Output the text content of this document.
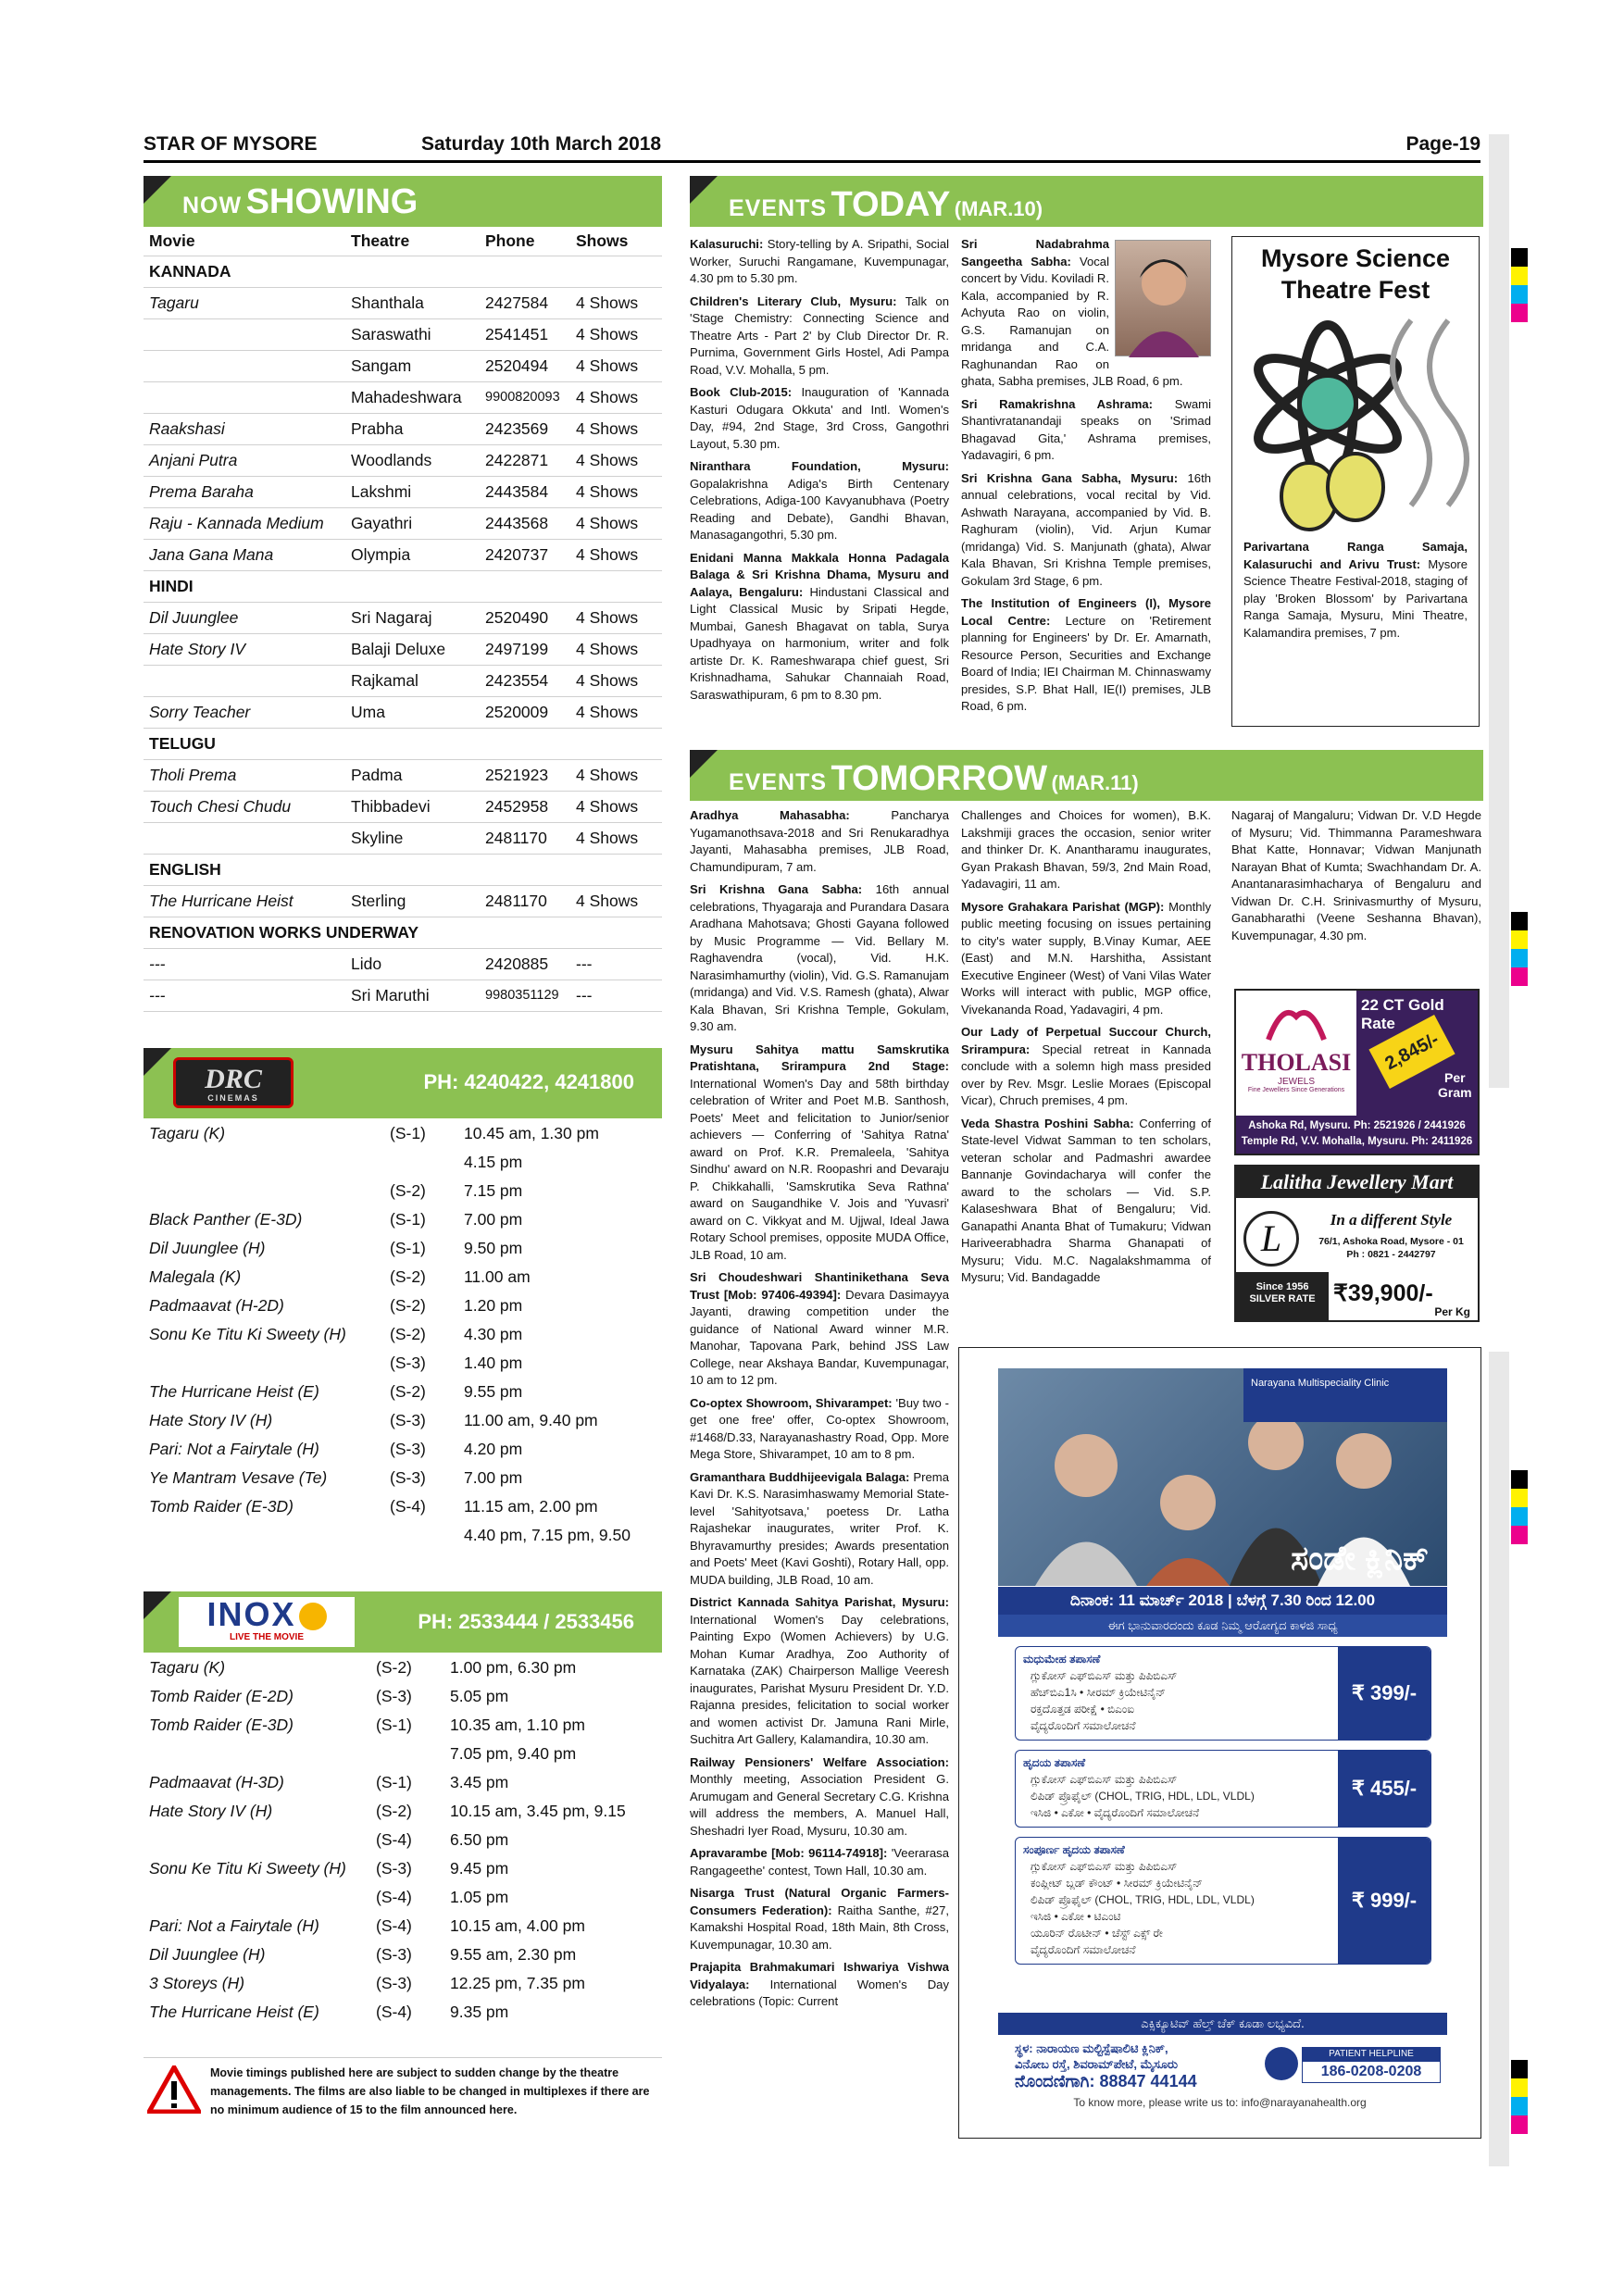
STAR OF MYSORE	Saturday 10th March 2018	Page-19
NOW SHOWING
Movie	Theatre	Phone	Shows
KANNADA			
Tagaru	Shanthala	2427584	4 Shows
	Saraswathi	2541451	4 Shows
	Sangam	2520494	4 Shows
	Mahadeshwara	9900820093	4 Shows
Raakshasi	Prabha	2423569	4 Shows
Anjani Putra	Woodlands	2422871	4 Shows
Prema Baraha	Lakshmi	2443584	4 Shows
Raju - Kannada Medium	Gayathri	2443568	4 Shows
Jana Gana Mana	Olympia	2420737	4 Shows
HINDI			
Dil Juunglee	Sri Nagaraj	2520490	4 Shows
Hate Story IV	Balaji Deluxe	2497199	4 Shows
	Rajkamal	2423554	4 Shows
Sorry Teacher	Uma	2520009	4 Shows
TELUGU			
Tholi Prema	Padma	2521923	4 Shows
Touch Chesi Chudu	Thibbadevi	2452958	4 Shows
	Skyline	2481170	4 Shows
ENGLISH			
The Hurricane Heist	Sterling	2481170	4 Shows
RENOVATION WORKS UNDERWAY			
---	Lido	2420885	---
---	Sri Maruthi	9980351129	---
DRC
CINEMAS
PH: 4240422, 4241800
Tagaru (K)	(S-1)	10.45 am, 1.30 pm
		4.15 pm
	(S-2)	7.15 pm
Black Panther (E-3D)	(S-1)	7.00 pm
Dil Juunglee (H)	(S-1)	9.50 pm
Malegala (K)	(S-2)	11.00 am
Padmaavat (H-2D)	(S-2)	1.20 pm
Sonu Ke Titu Ki Sweety (H)	(S-2)	4.30 pm
	(S-3)	1.40 pm
The Hurricane Heist (E)	(S-2)	9.55 pm
Hate Story IV (H)	(S-3)	11.00 am, 9.40 pm
Pari: Not a Fairytale (H)	(S-3)	4.20 pm
Ye Mantram Vesave (Te)	(S-3)	7.00 pm
Tomb Raider (E-3D)	(S-4)	11.15 am, 2.00 pm
		4.40 pm, 7.15 pm, 9.50
INOX
LIVE THE MOVIE
PH: 2533444 / 2533456
Tagaru (K)	(S-2)	1.00 pm, 6.30 pm
Tomb Raider (E-2D)	(S-3)	5.05 pm
Tomb Raider (E-3D)	(S-1)	10.35 am, 1.10 pm
		7.05 pm, 9.40 pm
Padmaavat (H-3D)	(S-1)	3.45 pm
Hate Story IV (H)	(S-2)	10.15 am, 3.45 pm, 9.15
	(S-4)	6.50 pm
Sonu Ke Titu Ki Sweety (H)	(S-3)	9.45 pm
	(S-4)	1.05 pm
Pari: Not a Fairytale (H)	(S-4)	10.15 am, 4.00 pm
Dil Juunglee (H)	(S-3)	9.55 am, 2.30 pm
3 Storeys (H)	(S-3)	12.25 pm, 7.35 pm
The Hurricane Heist (E)	(S-4)	9.35 pm
Movie timings published here are subject to sudden change by the theatre managements. The films are also liable to be changed in multiplexes if there are no minimum audience of 15 to the film announced here.
EVENTS TODAY (MAR.10)

Kalasuruchi: Story-telling by A. Sripathi, Social Worker, Suruchi Rangamane, Kuvempunagar, 4.30 pm to 5.30 pm.

Children's Literary Club, Mysuru: Talk on 'Stage Chemistry: Connecting Science and Theatre Arts - Part 2' by Club Director Dr. R. Purnima, Government Girls Hostel, Adi Pampa Road, V.V. Mohalla, 5 pm.

Book Club-2015: Inauguration of 'Kannada Kasturi Odugara Okkuta' and Intl. Women's Day, #94, 2nd Stage, 3rd Cross, Gangothri Layout, 5.30 pm.

Niranthara Foundation, Mysuru: Gopalakrishna Adiga's Birth Centenary Celebrations, Adiga-100 Kavyanubhava (Poetry Reading and Debate), Gandhi Bhavan, Manasagangothri, 5.30 pm.

Enidani Manna Makkala Honna Padagala Balaga & Sri Krishna Dhama, Mysuru and Aalaya, Bengaluru: Hindustani Classical and Light Classical Music by Sripati Hegde, Mumbai, Ganesh Bhagavat on tabla, Surya Upadhyaya on harmonium, writer and folk artiste Dr. K. Rameshwarapa chief guest, Sri Krishnadhama, Sahukar Channaiah Road, Saraswathipuram, 6 pm to 8.30 pm.

Sri Nadabrahma Sangeetha Sabha: Vocal concert by Vidu. Koviladi R. Kala, accompanied by R. Achyuta Rao on violin, G.S. Ramanujan on mridanga and C.A. Raghunandan Rao on ghata, Sabha premises, JLB Road, 6 pm.

Sri Ramakrishna Ashrama: Swami Shantivratanandaji speaks on 'Srimad Bhagavad Gita,' Ashrama premises, Yadavagiri, 6 pm.

Sri Krishna Gana Sabha, Mysuru: 16th annual celebrations, vocal recital by Vid. Ashwath Narayana, accompanied by Vid. B. Raghuram (violin), Vid. Arjun Kumar (mridanga) Vid. S. Manjunath (ghata), Alwar Kala Bhavan, Sri Krishna Temple premises, Gokulam 3rd Stage, 6 pm.

The Institution of Engineers (I), Mysore Local Centre: Lecture on 'Retirement planning for Engineers' by Dr. Er. Amarnath, Resource Person, Securities and Exchange Board of India; IEI Chairman M. Chinnaswamy presides, S.P. Bhat Hall, IE(I) premises, JLB Road, 6 pm.

Mysore Science Theatre Fest

Parivartana Ranga Samaja, Kalasuruchi and Arivu Trust: Mysore Science Theatre Festival-2018, staging of play 'Broken Blossom' by Parivartana Ranga Samaja, Mysuru, Mini Theatre, Kalamandira premises, 7 pm.

EVENTS TOMORROW (MAR.11)

Aradhya Mahasabha:	Pancharya Yugamanothsava-2018 and Sri Renukaradhya Jayanti, Mahasabha premises, JLB Road, Chamundipuram, 7 am.

Sri Krishna Gana Sabha: 16th annual celebrations, Thyagaraja and Purandara Dasara Aradhana Mahotsava; Ghosti Gayana followed by Music Programme — Vid. Bellary M. Raghavendra (vocal), Vid. H.K. Narasimhamurthy (violin), Vid. G.S. Ramanujam (mridanga) and Vid. V.S. Ramesh (ghata), Alwar Kala Bhavan, Sri Krishna Temple, Gokulam, 9.30 am.

Mysuru Sahitya mattu Samskrutika Pratishtana, Srirampura 2nd Stage: International Women's Day and 58th birthday celebration of Writer and Poet M.B. Santhosh, Poets' Meet and felicitation to Junior/senior achievers — Conferring of 'Sahitya Ratna' award on Prof. K.R. Premaleela, 'Sahitya Sindhu' award on N.R. Roopashri and Devaraju P. Chikkahalli, 'Samskrutika Seva Rathna' award on Saugandhike V. Jois and 'Yuvasri' award on C. Vikkyat and M. Ujjwal, Ideal Jawa Rotary School premises, opposite MUDA Office, JLB Road, 10 am.

Sri Choudeshwari Shantinikethana Seva Trust [Mob: 97406-49394]: Devara Dasimayya Jayanti, drawing competition under the guidance of National Award winner M.R. Manohar, Tapovana Park, behind JSS Law College, near Akshaya Bandar, Kuvempunagar, 10 am to 12 pm.

Co-optex Showroom, Shivarampet: 'Buy two - get one free' offer, Co-optex Showroom, #1468/D.33, Narayanashastry Road, Opp. More Mega Store, Shivarampet, 10 am to 8 pm.

Gramanthara Buddhijeevigala Balaga: Prema Kavi Dr. K.S. Narasimhaswamy Memorial State-level 'Sahityotsava,' poetess Dr. Latha Rajashekar inaugurates, writer Prof. K. Bhyravamurthy presides; Awards presentation and Poets' Meet (Kavi Goshti), Rotary Hall, opp. MUDA building, JLB Road, 10 am.

District Kannada Sahitya Parishat, Mysuru: International Women's Day celebrations, Painting Expo (Women Achievers) by U.G. Mohan Kumar Aradhya, Zoo Authority of Karnataka (ZAK) Chairperson Mallige Veeresh inaugurates, Parishat Mysuru President Dr. Y.D. Rajanna presides, felicitation to social worker and women activist Dr. Jamuna Rani Mirle, Suchitra Art Gallery, Kalamandira, 10.30 am.

Railway Pensioners' Welfare Association: Monthly meeting, Association President G. Arumugam and General Secretary C.G. Krishna will address the members, A. Manuel Hall, Sheshadri Iyer Road, Mysuru, 10.30 am.

Apravarambe [Mob: 96114-74918]: 'Veerarasa Rangageethe' contest, Town Hall, 10.30 am.

Nisarga Trust (Natural Organic Farmers-Consumers Federation): Raitha Santhe, #27, Kamakshi Hospital Road, 18th Main, 8th Cross, Kuvempunagar, 10.30 am.

Prajapita Brahmakumari Ishwariya Vishwa Vidyalaya: International Women's Day celebrations (Topic: Current

Challenges and Choices for women), B.K. Lakshmiji graces the occasion, senior writer and thinker Dr. K. Anantharamu inaugurates, Gyan Prakash Bhavan, 59/3, 2nd Main Road, Yadavagiri, 11 am.

Mysore Grahakara Parishat (MGP): Monthly public meeting focusing on issues pertaining to city's water supply, B.Vinay Kumar, AEE (East) and M.N. Harshitha, Assistant Executive Engineer (West) of Vani Vilas Water Works will interact with public, MGP office, Vivekananda Road, Yadavagiri, 4 pm.

Our Lady of Perpetual Succour Church, Srirampura: Special retreat in Kannada conclude with a solemn high mass presided over by Rev. Msgr. Leslie Moraes (Episcopal Vicar), Chruch premises, 4 pm.

Veda Shastra Poshini Sabha: Conferring of State-level Vidwat Samman to ten scholars, veteran scholar and Padmashri awardee Bannanje Govindacharya will confer the award to the scholars — Vid. S.P. Kalaseshwara Bhat of Bengaluru; Vid. Ganapathi Ananta Bhat of Tumakuru; Vidwan Hariveerabhadra Sharma Ghanapati of Mysuru; Vidu. M.C. Nagalakshmamma of Mysuru; Vid. Bandagadde

Nagaraj of Mangaluru; Vidwan Dr. V.D Hegde of Mysuru; Vid. Thimmanna Parameshwara Bhat Katte, Honnavar; Vidwan Manjunath Narayan Bhat of Kumta; Swachhandam Dr. A. Anantanarasimhacharya of Bengaluru and Vidwan Dr. C.H. Srinivasmurthy of Mysuru, Ganabharathi (Veene Seshanna Bhavan), Kuvempunagar, 4.30 pm.

THOLASI
JEWELS
Fine Jewellers Since Generations
22 CT Gold Rate
2,845/-
Per
Gram
Ashoka Rd, Mysuru. Ph: 2521926 / 2441926
Temple Rd, V.V. Mohalla, Mysuru. Ph: 2411926
Lalitha Jewellery Mart
L	In a different Style
76/1, Ashoka Road, Mysore - 01
Ph : 0821 - 2442797
Since 1956
SILVER RATE ₹39,900/-
Per Kg
Narayana Multispeciality Clinic
ಸಂಡೇ ಕ್ಲಿನಿಕ್
ದಿನಾಂಕ: 11 ಮಾರ್ಚ್ 2018 | ಬೆಳಗ್ಗೆ 7.30 ರಿಂದ 12.00
ಈಗ ಭಾನುವಾರದಂದು ಕೂಡ ನಿಮ್ಮ ಆರೋಗ್ಯದ ಕಾಳಜಿ ಸಾಧ್ಯ
ಮಧುಮೇಹ ತಪಾಸಣೆ
ಗ್ಲುಕೋಸ್ ಎಫ್‌ಬಿಎಸ್ ಮತ್ತು ಪಿಪಿಬಿಎಸ್
ಹೆಚ್‌ಬಿಎ1ಸಿ • ಸೀರಮ್ ಕ್ರಿಯೇಟಿನೈನ್
ರಕ್ತದೊತ್ತಡ ಪರೀಕ್ಷೆ • ಬಿಎಂಐ
ವೈದ್ಯರೊಂದಿಗೆ ಸಮಾಲೋಚನೆ
₹ 399/-
ಹೃದಯ ತಪಾಸಣೆ
ಗ್ಲುಕೋಸ್ ಎಫ್‌ಬಿಎಸ್ ಮತ್ತು ಪಿಪಿಬಿಎಸ್
ಲಿಪಿಡ್ ಪ್ರೊಫೈಲ್ (CHOL, TRIG, HDL, LDL, VLDL)
ಇಸಿಜಿ • ಎಕೋ • ವೈದ್ಯರೊಂದಿಗೆ ಸಮಾಲೋಚನೆ
₹ 455/-
ಸಂಪೂರ್ಣ ಹೃದಯ ತಪಾಸಣೆ
ಗ್ಲುಕೋಸ್ ಎಫ್‌ಬಿಎಸ್ ಮತ್ತು ಪಿಪಿಬಿಎಸ್
ಕಂಪ್ಲೀಟ್ ಬ್ಲಡ್ ಕೌಂಟ್ • ಸೀರಮ್ ಕ್ರಿಯೇಟಿನೈನ್
ಲಿಪಿಡ್ ಪ್ರೊಫೈಲ್ (CHOL, TRIG, HDL, LDL, VLDL)
ಇಸಿಜಿ • ಎಕೋ • ಟಿಎಂಟಿ
ಯೂರಿನ್ ರೊಟೀನ್ • ಚೆಸ್ಟ್ ಎಕ್ಸ್ ರೇ
ವೈದ್ಯರೊಂದಿಗೆ ಸಮಾಲೋಚನೆ
₹ 999/-
ಎಕ್ಸಿಕ್ಯೂಟಿವ್ ಹೆಲ್ತ್ ಚೆಕ್ ಕೂಡಾ ಲಭ್ಯವಿದೆ.
ಸ್ಥಳ: ನಾರಾಯಣ ಮಲ್ಟಿಸ್ಪೆಷಾಲಿಟಿ ಕ್ಲಿನಿಕ್,
ವಿನೋಬ ರಸ್ತೆ, ಶಿವರಾಮ್‌ಪೇಟೆ, ಮೈಸೂರು
ನೊಂದಣಿಗಾಗಿ: 88847 44144
PATIENT HELPLINE
186-0208-0208
To know more, please write us to: info@narayanahealth.org
